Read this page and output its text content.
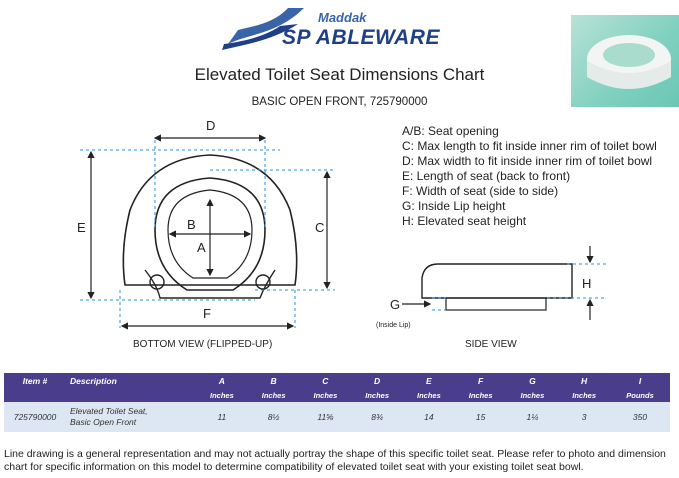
Maddak
SP ABLEWARE
Elevated Toilet Seat Dimensions Chart
BASIC OPEN FRONT, 725790000
D
E	C
F
B
A
BOTTOM VIEW (FLIPPED-UP)
A/B: Seat opening
C: Max length to fit inside inner rim of toilet bowl
D: Max width to fit inside inner rim of toilet bowl
E: Length of seat (back to front)
F: Width of seat (side to side)
G: Inside Lip height
H: Elevated seat height
H
G
(Inside Lip)
SIDE VIEW
Item #	Description	A	B	C	D	E	F	G	H	I
		Inches	Inches	Inches	Inches	Inches	Inches	Inches	Inches	Pounds
725790000	Elevated Toilet Seat,
Basic Open Front	11	8½	11⅝	8¾	14	15	1¼	3	350
Line drawing is a general representation and may not actually portray the shape of this specific toilet seat. Please refer to photo and dimension chart for specific information on this model to determine compatibility of elevated toilet seat with your existing toilet seat bowl.
